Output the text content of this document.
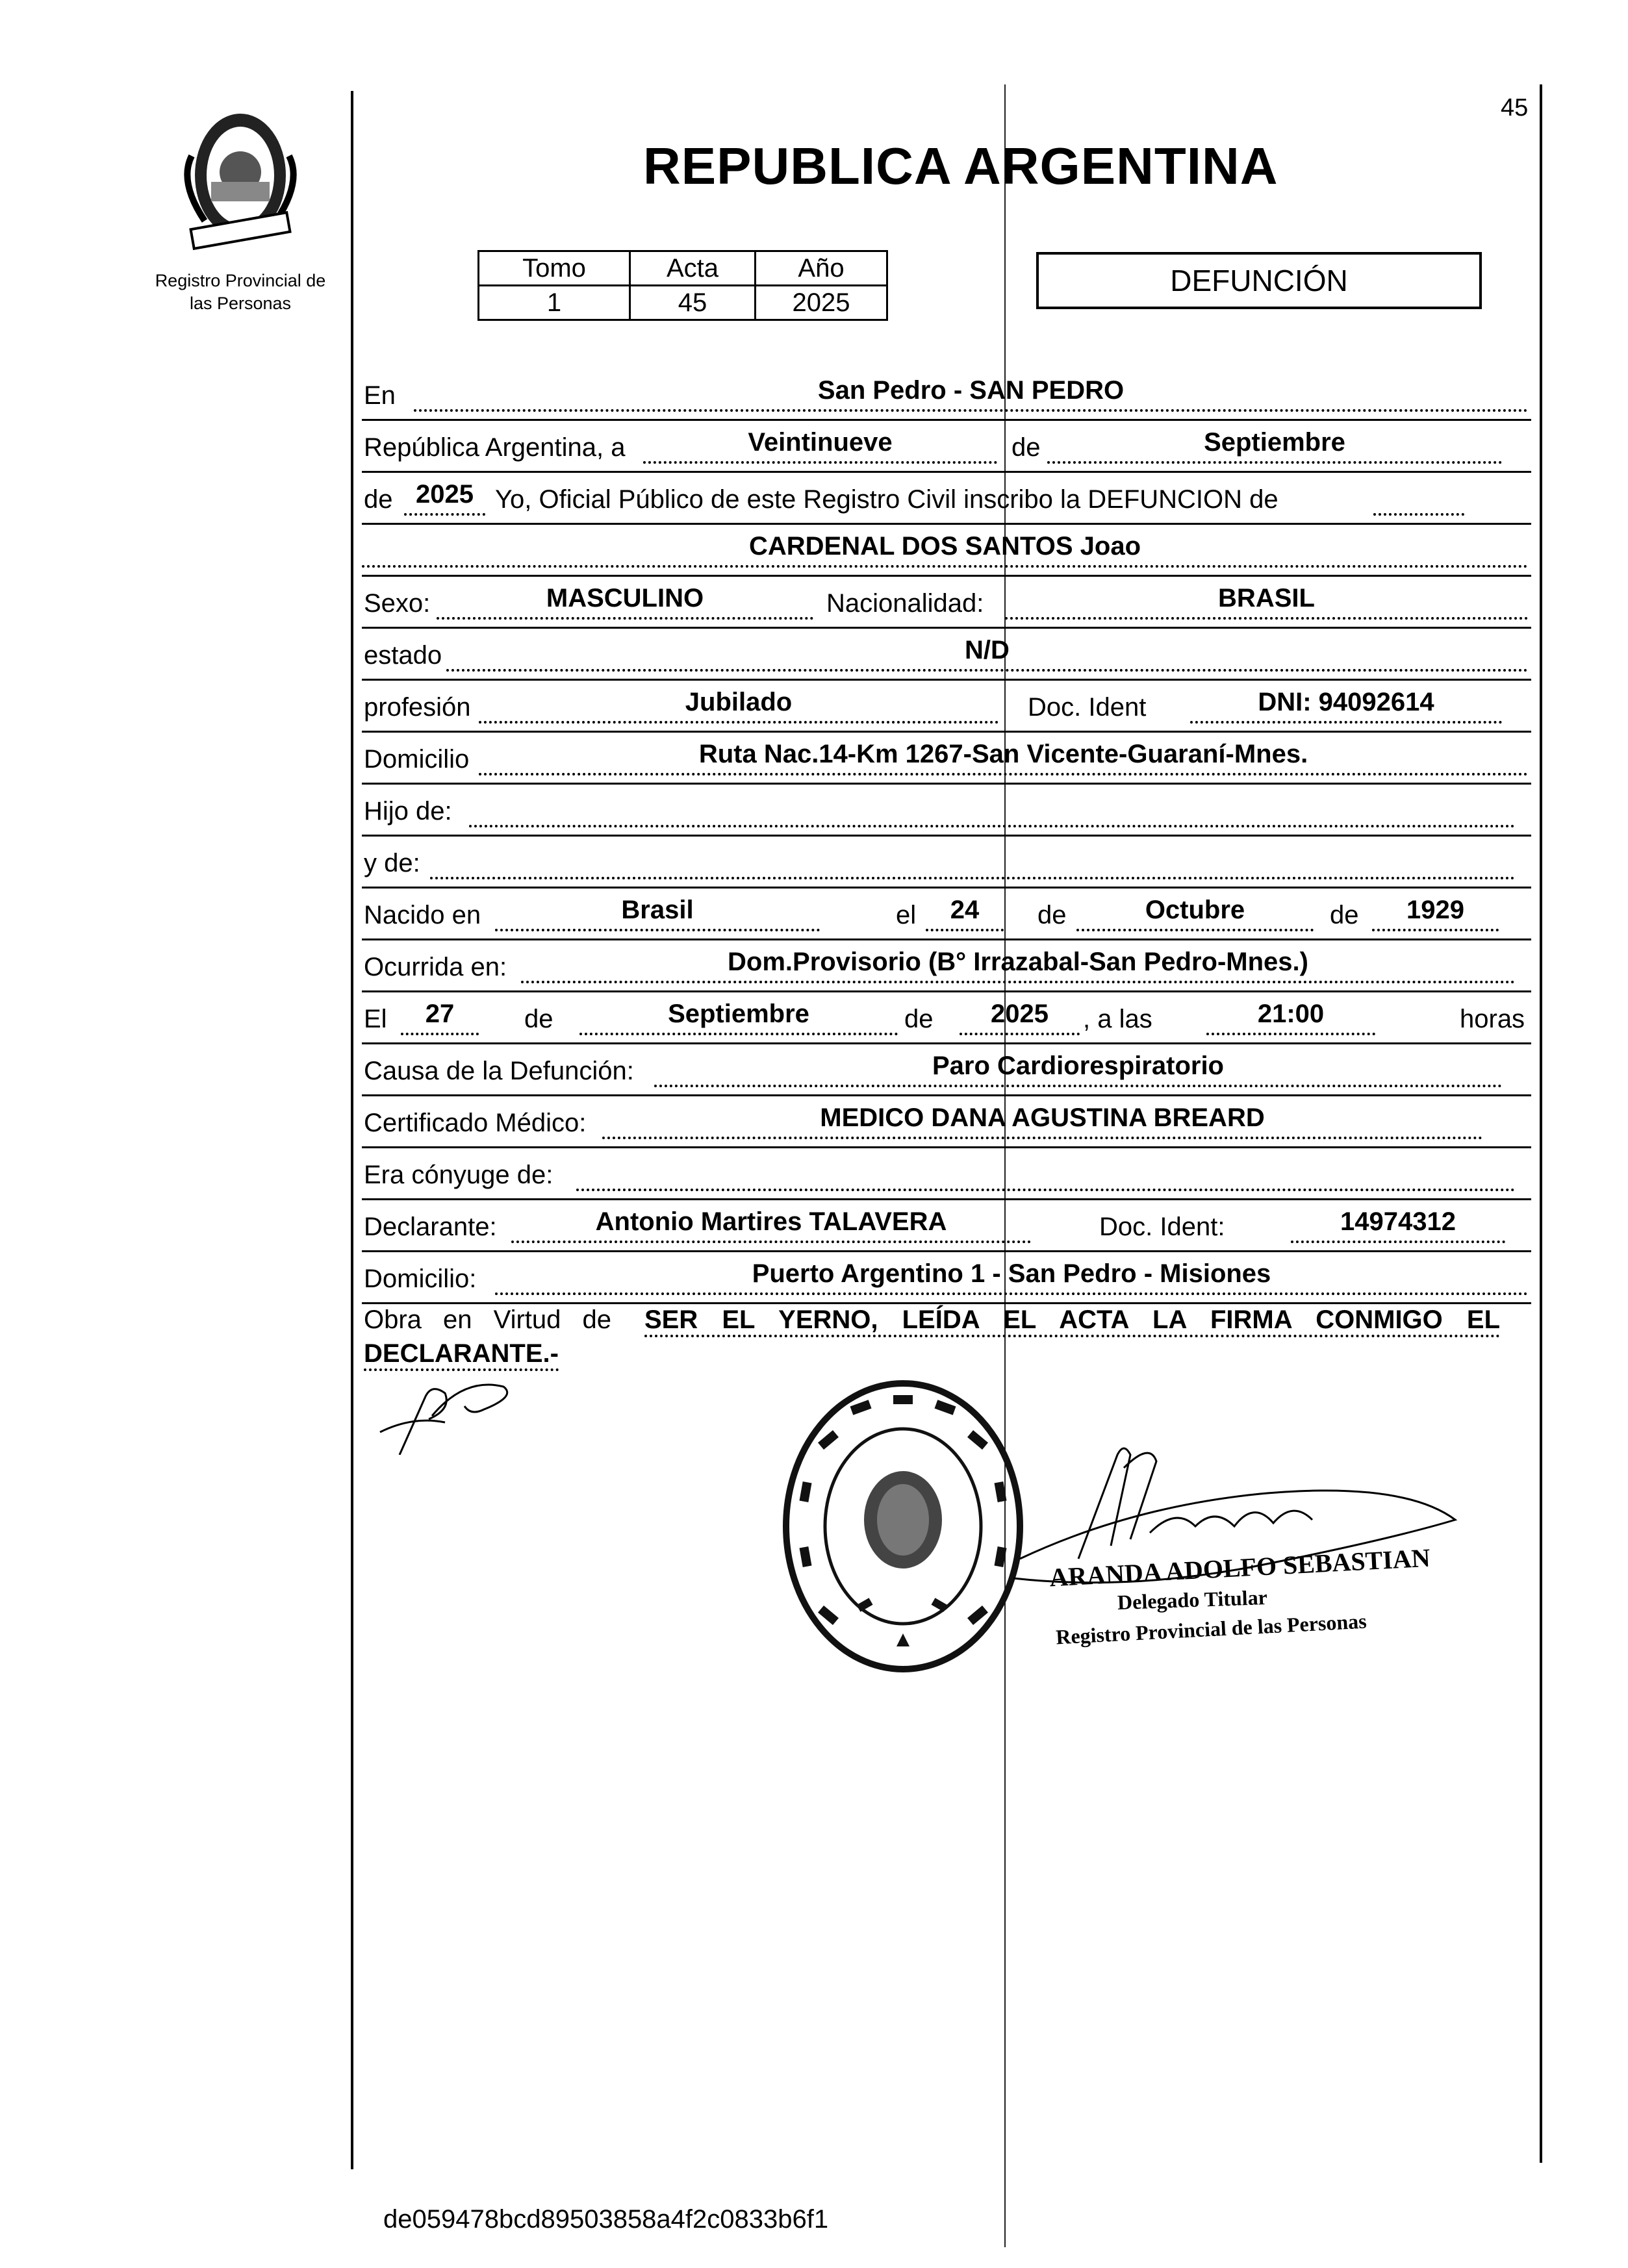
Registro Provincial de
las Personas
45
REPUBLICA ARGENTINA
Tomo	Acta	Año
1	45	2025
DEFUNCIÓN
En	San Pedro - SAN PEDRO
República Argentina, a	Veintinueve	de	Septiembre
de 2025 Yo, Oficial Público de este Registro Civil inscribo la DEFUNCION de
CARDENAL DOS SANTOS Joao
Sexo:	MASCULINO	Nacionalidad:	BRASIL
estado	N/D
profesión	Jubilado	Doc. Ident	DNI: 94092614
Domicilio	Ruta Nac.14-Km 1267-San Vicente-Guaraní-Mnes.
Hijo de:
y de:
Nacido en	Brasil	el	24	de	Octubre	de	1929
Ocurrida en:	Dom.Provisorio (B° Irrazabal-San Pedro-Mnes.)
El	27	de	Septiembre	de	2025	, a las	21:00	horas
Causa de la Defunción:	Paro Cardiorespiratorio
Certificado Médico:	MEDICO DANA AGUSTINA BREARD
Era cónyuge de:
Declarante:	Antonio Martires TALAVERA	Doc. Ident:	14974312
Domicilio:	Puerto Argentino 1 - San Pedro - Misiones
Obra en Virtud de SER EL YERNO, LEÍDA EL ACTA LA FIRMA CONMIGO EL
DECLARANTE.-
ARANDA ADOLFO SEBASTIAN
Delegado Titular
Registro Provincial de las Personas
de059478bcd89503858a4f2c0833b6f1
